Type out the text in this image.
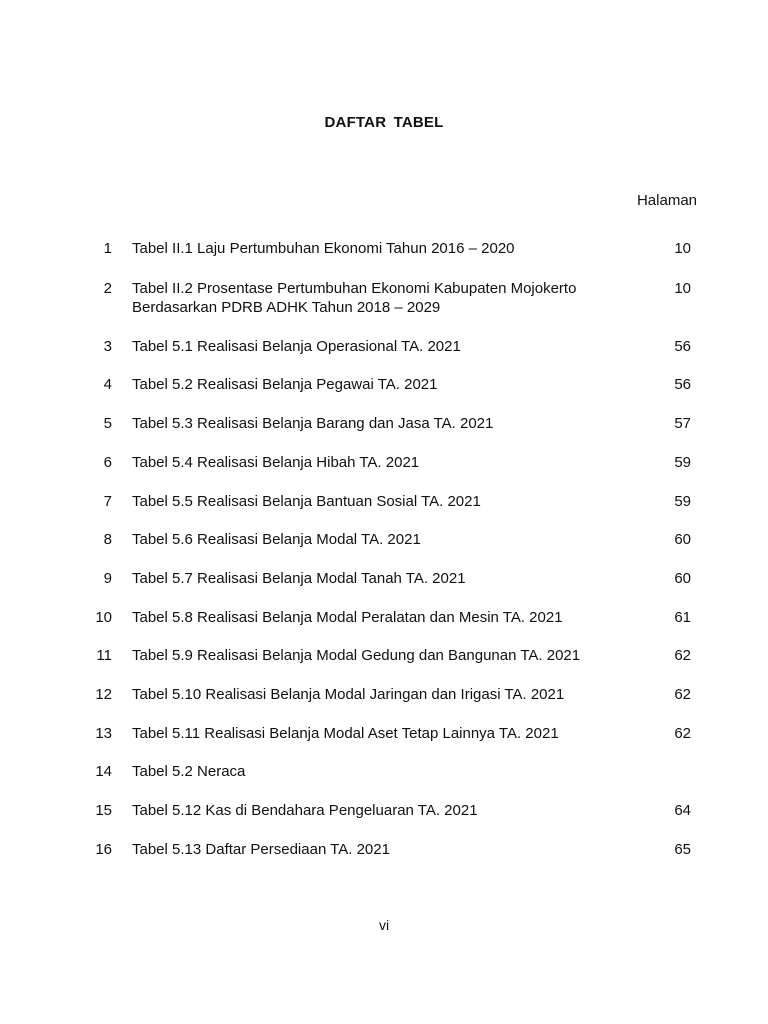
DAFTAR TABEL
Halaman
1 Tabel II.1 Laju Pertumbuhan Ekonomi Tahun 2016 – 2020	10
2 Tabel II.2 Prosentase Pertumbuhan Ekonomi Kabupaten Mojokerto	10
Berdasarkan PDRB ADHK Tahun 2018 – 2029
3 Tabel 5.1 Realisasi Belanja Operasional TA. 2021	56
4 Tabel 5.2 Realisasi Belanja Pegawai TA. 2021	56
5 Tabel 5.3 Realisasi Belanja Barang dan Jasa TA. 2021	57
6 Tabel 5.4 Realisasi Belanja Hibah TA. 2021	59
7 Tabel 5.5 Realisasi Belanja Bantuan Sosial TA. 2021	59
8 Tabel 5.6 Realisasi Belanja Modal TA. 2021	60
9 Tabel 5.7 Realisasi Belanja Modal Tanah TA. 2021	60
10 Tabel 5.8 Realisasi Belanja Modal Peralatan dan Mesin TA. 2021	61
11 Tabel 5.9 Realisasi Belanja Modal Gedung dan Bangunan TA. 2021	62
12 Tabel 5.10 Realisasi Belanja Modal Jaringan dan Irigasi TA. 2021	62
13 Tabel 5.11 Realisasi Belanja Modal Aset Tetap Lainnya TA. 2021	62
14 Tabel 5.2 Neraca
15 Tabel 5.12 Kas di Bendahara Pengeluaran TA. 2021	64
16 Tabel 5.13 Daftar Persediaan TA. 2021	65
vi
